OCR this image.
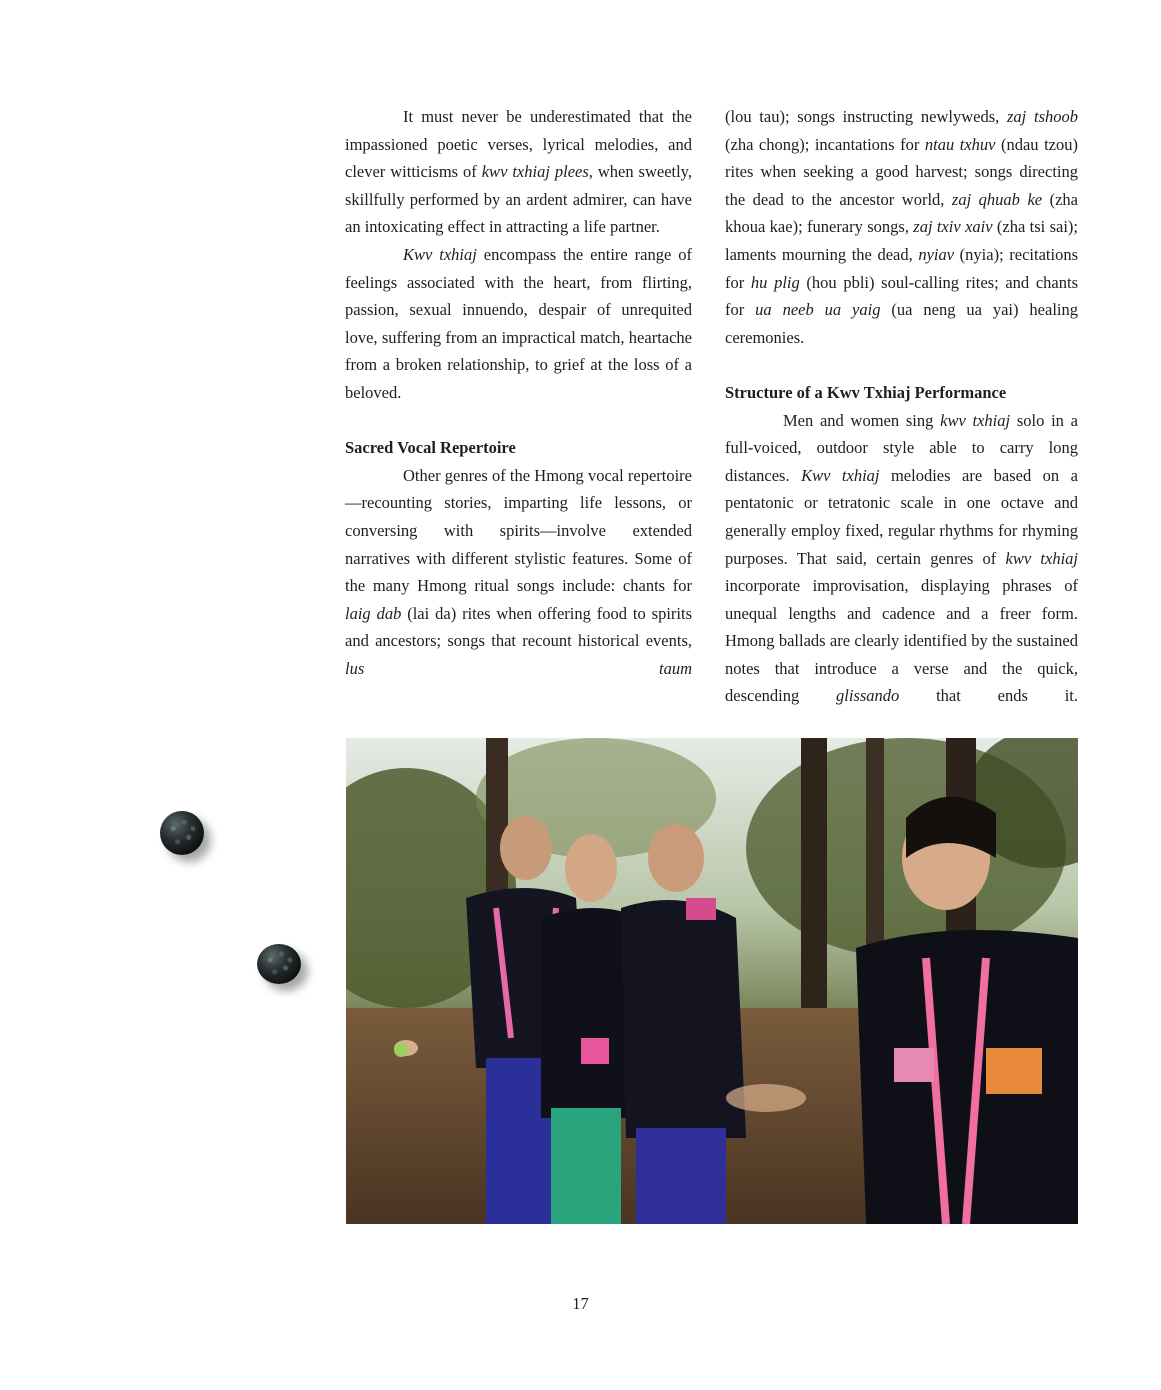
It must never be underestimated that the impassioned poetic verses, lyrical melodies, and clever witticisms of kwv txhiaj plees, when sweetly, skillfully performed by an ardent admirer, can have an intoxicating effect in attracting a life partner.

Kwv txhiaj encompass the entire range of feelings associated with the heart, from flirting, passion, sexual innuendo, despair of unrequited love, suffering from an impractical match, heartache from a broken relationship, to grief at the loss of a beloved.

Sacred Vocal Repertoire

Other genres of the Hmong vocal repertoire—recounting stories, imparting life lessons, or conversing with spirits—involve extended narratives with different stylistic features. Some of the many Hmong ritual songs include: chants for laig dab (lai da) rites when offering food to spirits and ancestors; songs that recount historical events, lus taum

(lou tau); songs instructing newlyweds, zaj tshoob (zha chong); incantations for ntau txhuv (ndau tzou) rites when seeking a good harvest; songs directing the dead to the ancestor world, zaj qhuab ke (zha khoua kae); funerary songs, zaj txiv xaiv (zha tsi sai); laments mourning the dead, nyiav (nyia); recitations for hu plig (hou pbli) soul-calling rites; and chants for ua neeb ua yaig (ua neng ua yai) healing ceremonies.

Structure of a Kwv Txhiaj Performance

Men and women sing kwv txhiaj solo in a full-voiced, outdoor style able to carry long distances. Kwv txhiaj melodies are based on a pentatonic or tetratonic scale in one octave and generally employ fixed, regular rhythms for rhyming purposes. That said, certain genres of kwv txhiaj incorporate improvisation, displaying phrases of unequal lengths and cadence and a freer form. Hmong ballads are clearly identified by the sustained notes that introduce a verse and the quick, descending glissando that ends it.

17
